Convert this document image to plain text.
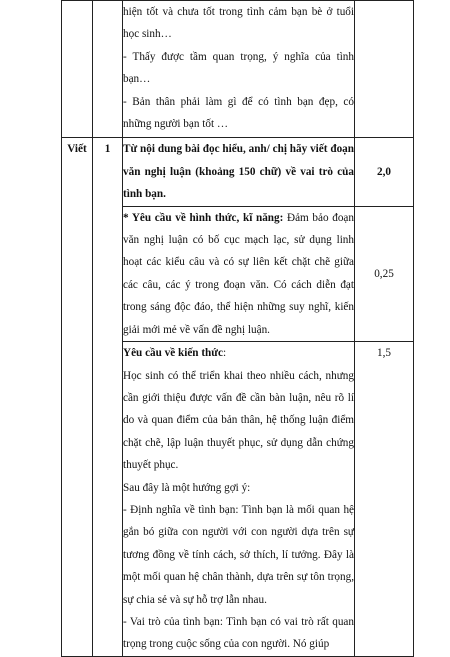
		hiện tốt và chưa tốt trong tình cảm bạn bè ở tuổi học sinh…

- Thấy được tầm quan trọng, ý nghĩa của tình bạn…

- Bản thân phải làm gì để có tình bạn đẹp, có những người bạn tốt …	

Viết	1	Từ nội dung bài đọc hiểu, anh/ chị hãy viết đoạn văn nghị luận (khoảng 150 chữ) về vai trò của tình bạn.	2,0
		* Yêu cầu về hình thức, kĩ năng: Đảm bảo đoạn văn nghị luận có bố cục mạch lạc, sử dụng linh hoạt các kiểu câu và có sự liên kết chặt chẽ giữa các câu, các ý trong đoạn văn. Có cách diễn đạt trong sáng độc đáo, thể hiện những suy nghĩ, kiến giải mới mẻ về vấn đề nghị luận.	0,25

		Yêu cầu về kiến thức:

Học sinh có thể triển khai theo nhiều cách, nhưng cần giới thiệu được vấn đề cần bàn luận, nêu rõ lí do và quan điểm của bản thân, hệ thống luận điểm chặt chẽ, lập luận thuyết phục, sử dụng dẫn chứng thuyết phục.

Sau đây là một hướng gợi ý:

- Định nghĩa về tình bạn: Tình bạn là mối quan hệ gắn bó giữa con người với con người dựa trên sự tương đồng về tính cách, sở thích, lí tưởng. Đây là một mối quan hệ chân thành, dựa trên sự tôn trọng, sự chia sẻ và sự hỗ trợ lẫn nhau.

- Vai trò của tình bạn: Tình bạn có vai trò rất quan trọng trong cuộc sống của con người. Nó giúp	1,5
